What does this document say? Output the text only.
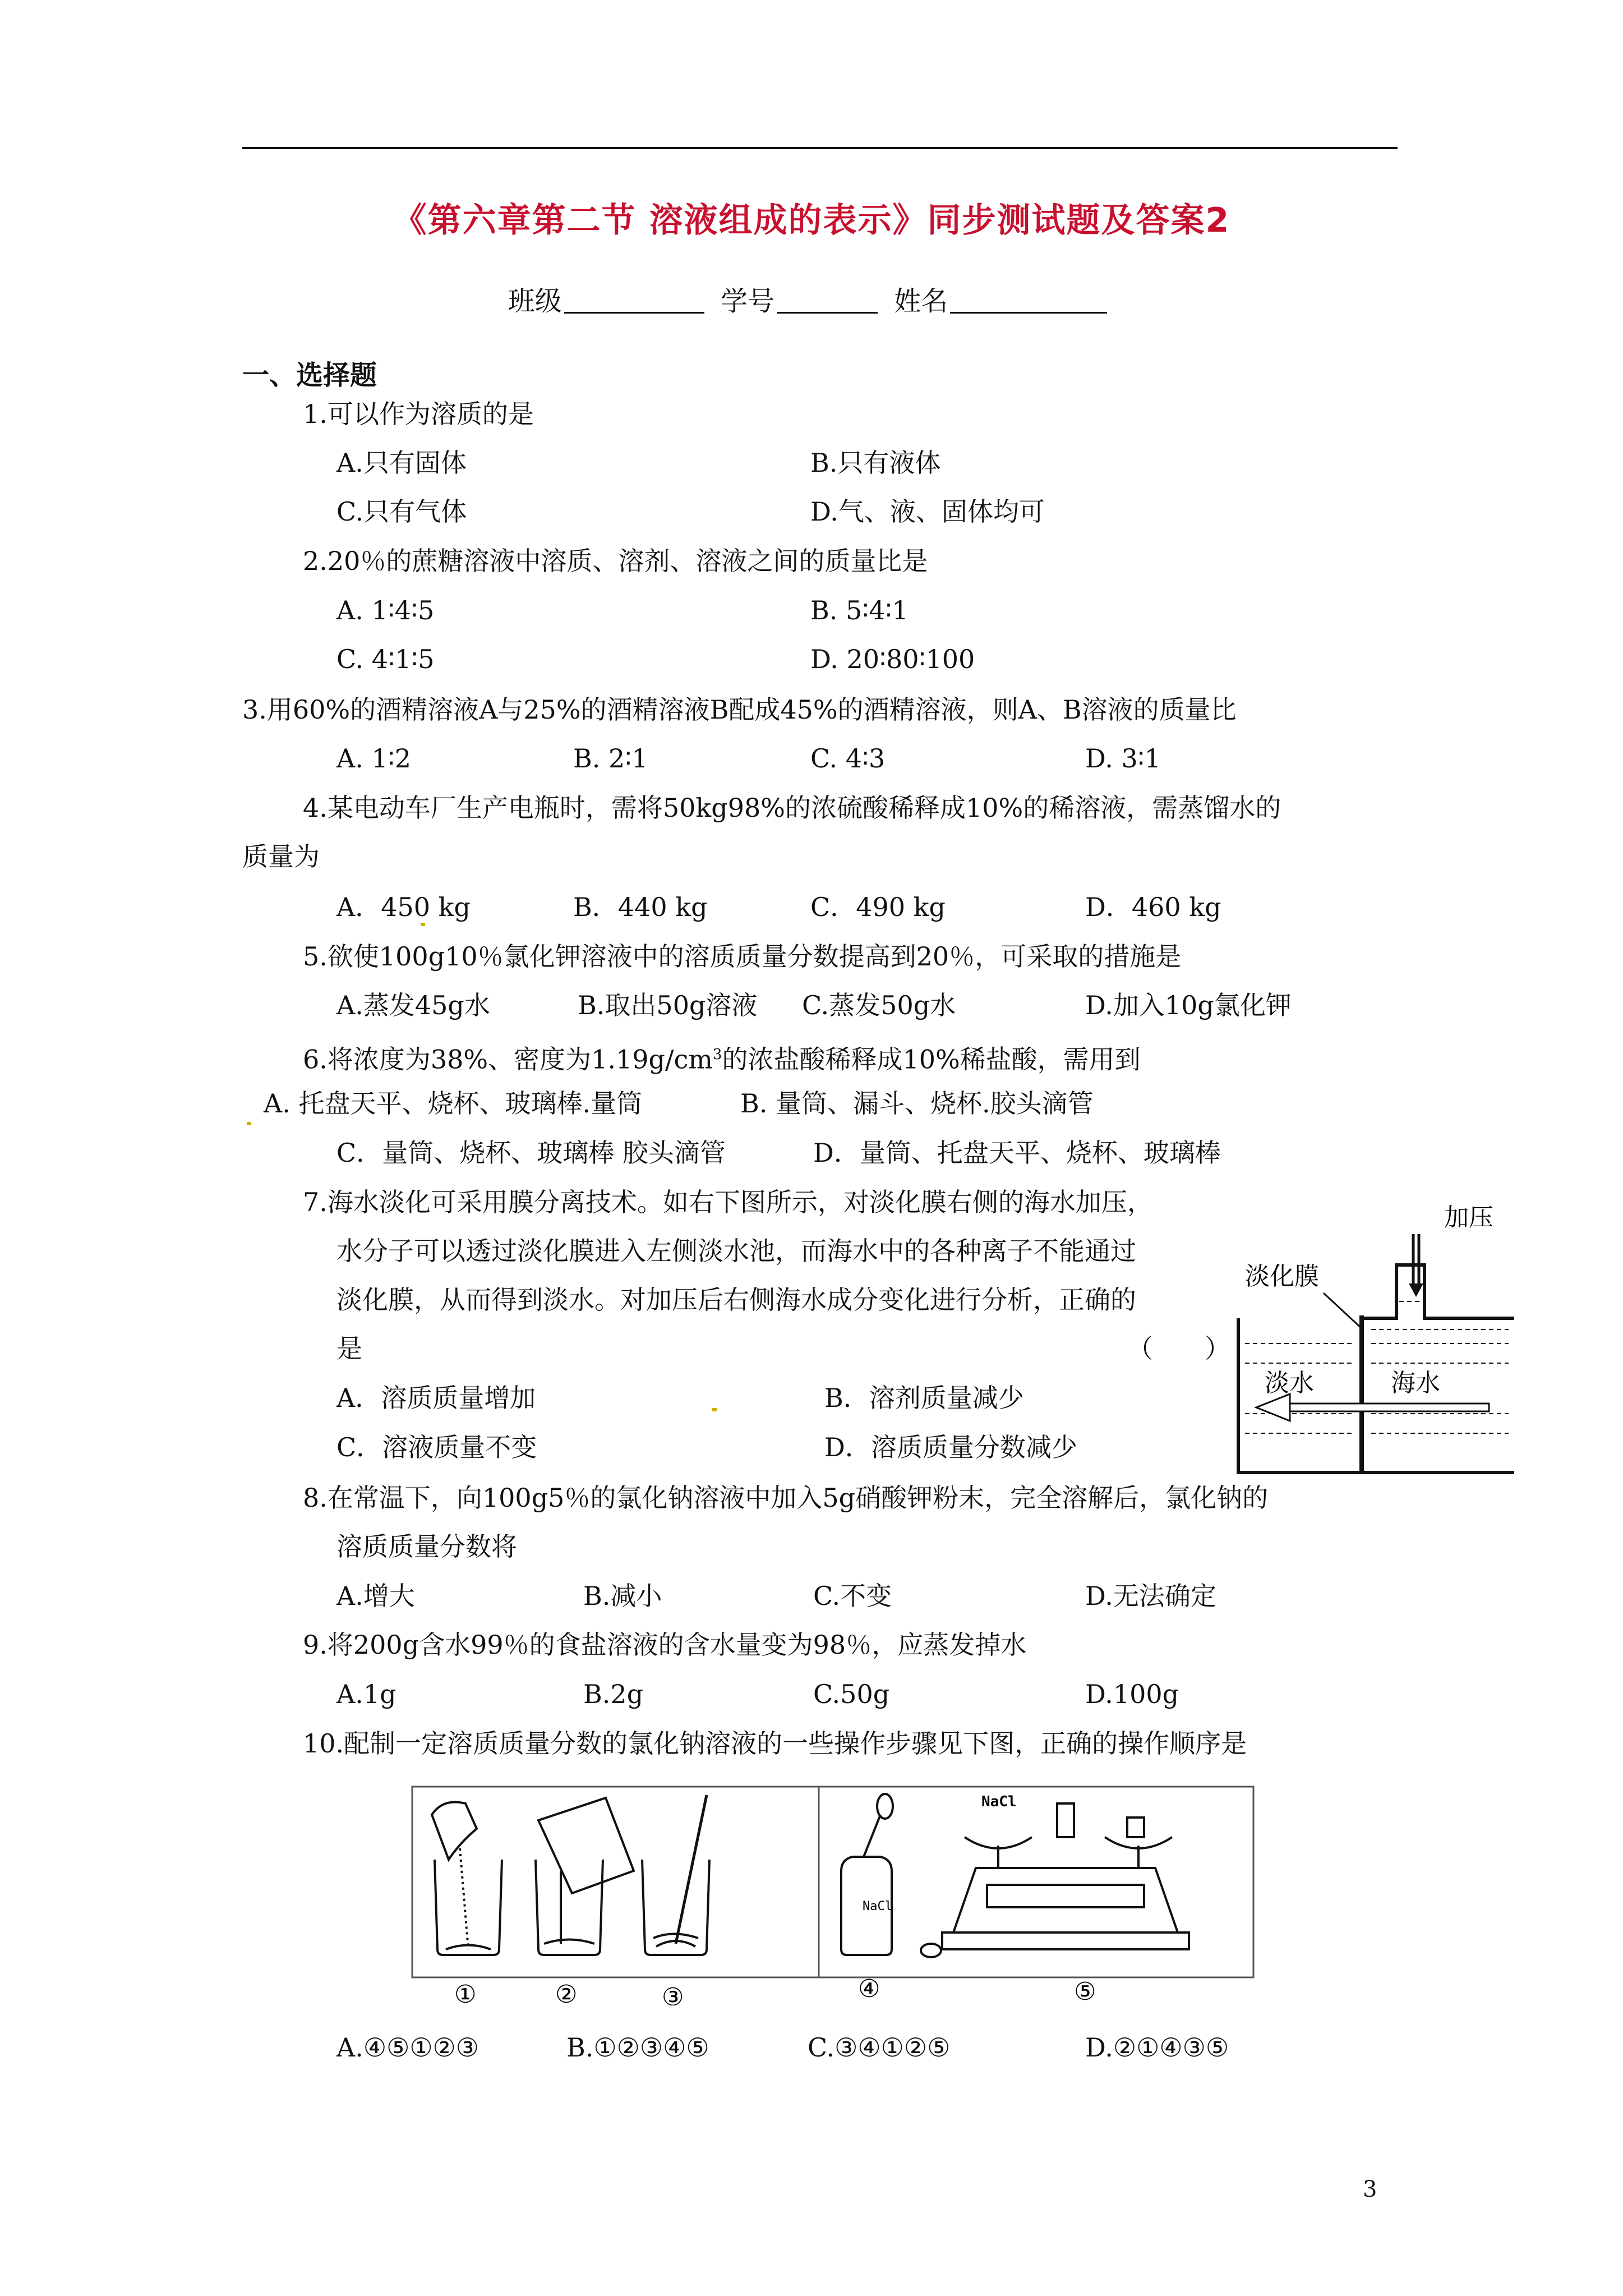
《第六章第二节 溶液组成的表示》同步测试题及答案2
班级	学号	姓名
一、选择题
1.可以作为溶质的是
A.只有固体	B.只有液体
C.只有气体	D.气、液、固体均可
2.20％的蔗糖溶液中溶质、溶剂、溶液之间的质量比是
A. 1∶4∶5	B. 5∶4∶1
C. 4∶1∶5	D. 20∶80∶100
3.用60%的酒精溶液A与25%的酒精溶液B配成45%的酒精溶液，则A、B溶液的质量比
A. 1∶2	B. 2∶1	C. 4∶3	D. 3∶1
4.某电动车厂生产电瓶时，需将50kg98%的浓硫酸稀释成10%的稀溶液，需蒸馏水的
质量为
A．450 kg	B．440 kg	C．490 kg	D．460 kg
5.欲使100g10％氯化钾溶液中的溶质质量分数提高到20％，可采取的措施是
A.蒸发45g水	B.取出50g溶液 C.蒸发50g水	D.加入10g氯化钾
6.将浓度为38%、密度为$1.19g/cm^3$的浓盐酸稀释成10%稀盐酸，需用到
A. 托盘天平、烧杯、玻璃棒.量筒	B. 量筒、漏斗、烧杯.胶头滴管
C．量筒、烧杯、玻璃棒 胶头滴管	D．量筒、托盘天平、烧杯、玻璃棒
7.海水淡化可采用膜分离技术。如右下图所示，对淡化膜右侧的海水加压，
水分子可以透过淡化膜进入左侧淡水池，而海水中的各种离子不能通过
淡化膜，从而得到淡水。对加压后右侧海水成分变化进行分析，正确的
是	（　　）
A．溶质质量增加	B．溶剂质量减少
C．溶液质量不变	D．溶质质量分数减少
加压
淡化膜
淡水	海水
8.在常温下，向100g5％的氯化钠溶液中加入5g硝酸钾粉末，完全溶解后，氯化钠的
溶质质量分数将
A.增大	B.减小	C.不变	D.无法确定
9.将200g含水99％的食盐溶液的含水量变为98％，应蒸发掉水
A.1g	B.2g	C.50g	D.100g
10.配制一定溶质质量分数的氯化钠溶液的一些操作步骤见下图，正确的操作顺序是
NaCl
NaCl
①	②	③	④	⑤
A.④⑤①②③	B.①②③④⑤	C.③④①②⑤	D.②①④③⑤
3
